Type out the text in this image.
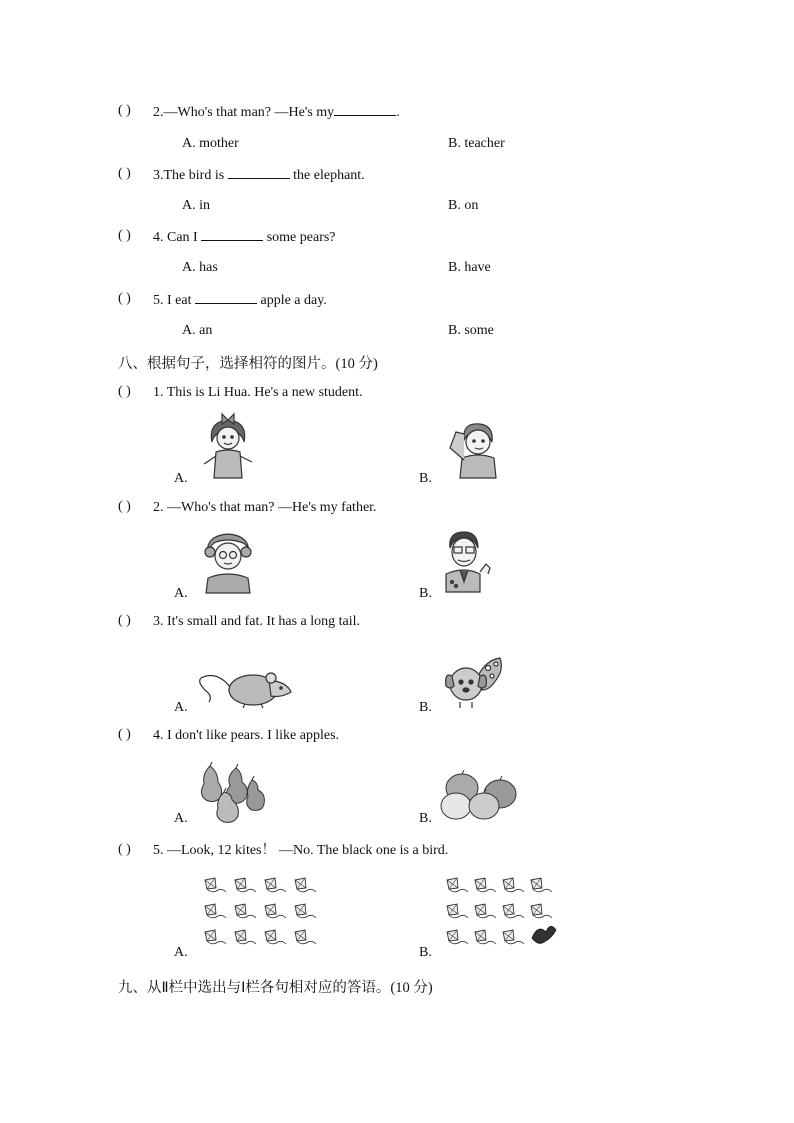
( ) 2.—Who's that man? —He's my	.
A. mother	B. teacher
( ) 3.The bird is	the elephant.
A. in	B. on
( ) 4. Can I	some pears?
A. has	B. have
( ) 5. I eat	apple a day.
A. an	B. some
八、根据句子，选择相符的图片。(10 分)
( ) 1. This is Li Hua. He's a new student.
A.	B.
( ) 2. —Who's that man? —He's my father.
A.	B.
( ) 3. It's small and fat. It has a long tail.
A.	B.
( ) 4. I don't like pears. I like apples.
A.	B.
( ) 5. —Look, 12 kites！ —No. The black one is a bird.
A.	B.
九、从Ⅱ栏中选出与Ⅰ栏各句相对应的答语。(10 分)
